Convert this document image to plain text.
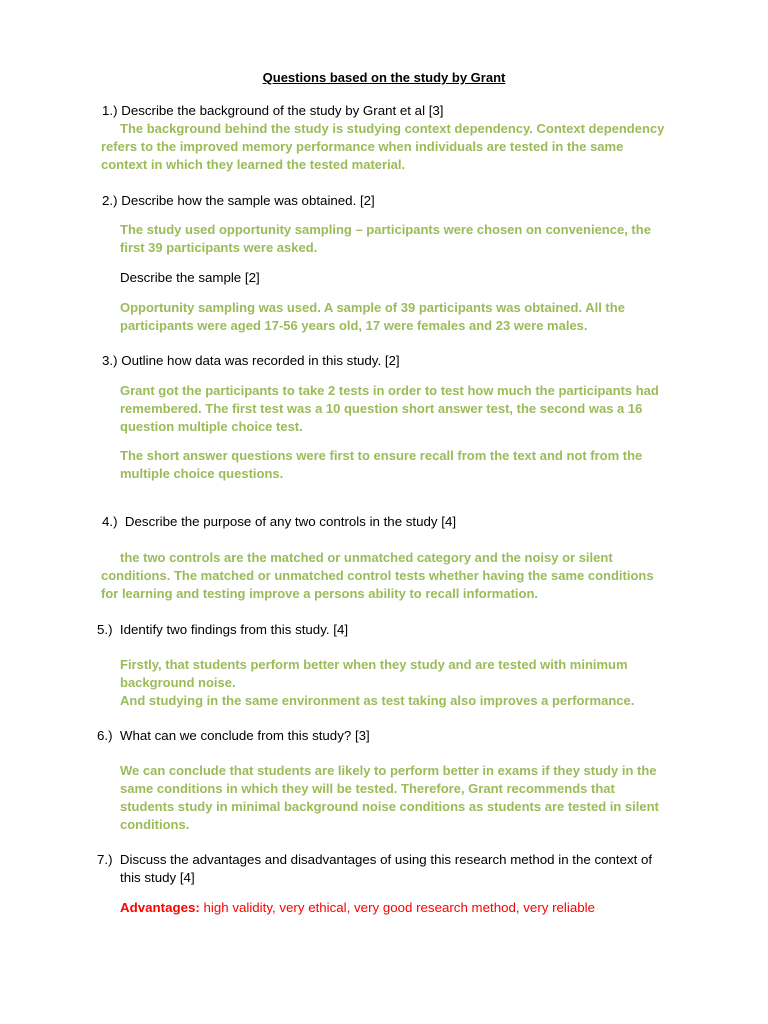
Questions based on the study by Grant
1.) Describe the background of the study by Grant et al [3]

The background behind the study is studying context dependency. Context dependency

refers to the improved memory performance when individuals are tested in the same

context in which they learned the tested material.

2.) Describe how the sample was obtained. [2]

The study used opportunity sampling – participants were chosen on convenience, the

first 39 participants were asked.

Describe the sample [2]

Opportunity sampling was used. A sample of 39 participants was obtained. All the

participants were aged 17-56 years old, 17 were females and 23 were males.

3.) Outline how data was recorded in this study. [2]

Grant got the participants to take 2 tests in order to test how much the participants had

remembered. The first test was a 10 question short answer test, the second was a 16

question multiple choice test.

The short answer questions were first to ensure recall from the text and not from the

multiple choice questions.

4.) Describe the purpose of any two controls in the study [4]

the two controls are the matched or unmatched category and the noisy or silent

conditions. The matched or unmatched control tests whether having the same conditions

for learning and testing improve a persons ability to recall information.

5.) Identify two findings from this study. [4]

Firstly, that students perform better when they study and are tested with minimum

background noise.

And studying in the same environment as test taking also improves a performance.

6.) What can we conclude from this study? [3]

We can conclude that students are likely to perform better in exams if they study in the

same conditions in which they will be tested. Therefore, Grant recommends that

students study in minimal background noise conditions as students are tested in silent

conditions.

7.) Discuss the advantages and disadvantages of using this research method in the context of
this study [4]
Advantages: high validity, very ethical, very good research method, very reliable
